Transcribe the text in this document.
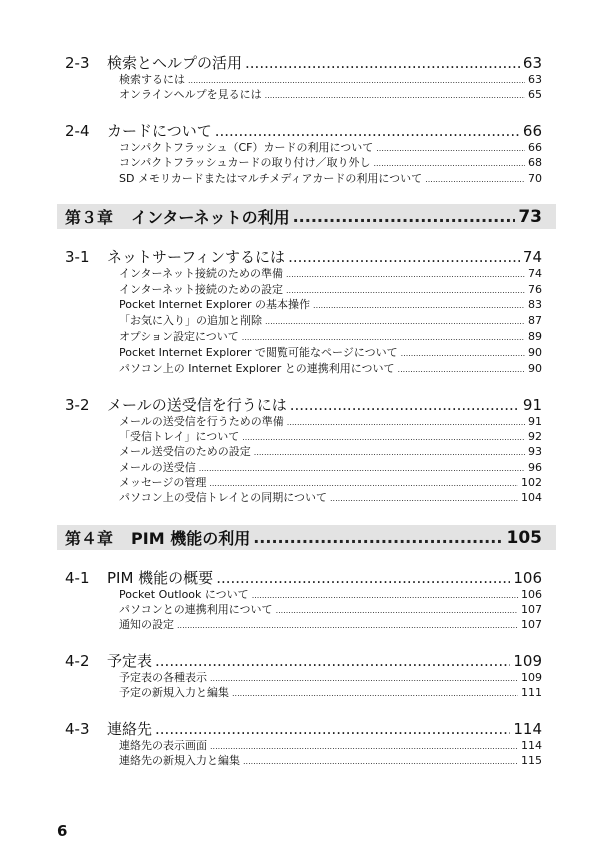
2-3 検索とヘルプの活用 .....	63
検索するには .....	63
オンラインヘルプを見るには .....	65
2-4 カードについて .....	66
コンパクトフラッシュ（CF）カードの利用について .....	66
コンパクトフラッシュカードの取り付け／取り外し .....	68
SD メモリカードまたはマルチメディアカードの利用について .....	70
第３章 インターネットの利用 .....	73
3-1 ネットサーフィンするには .....	74
インターネット接続のための準備 .....	74
インターネット接続のための設定 .....	76
Pocket Internet Explorer の基本操作 .....	83
「お気に入り」の追加と削除 .....	87
オプション設定について .....	89
Pocket Internet Explorer で閲覧可能なページについて .....	90
パソコン上の Internet Explorer との連携利用について .....	90
3-2 メールの送受信を行うには .....	91
メールの送受信を行うための準備 .....	91
「受信トレイ」について .....	92
メール送受信のための設定 .....	93
メールの送受信 .....	96
メッセージの管理 .....	102
パソコン上の受信トレイとの同期について .....	104
第４章 PIM 機能の利用 .....	105
4-1 PIM 機能の概要 .....	106
Pocket Outlook について .....	106
パソコンとの連携利用について .....	107
通知の設定 .....	107
4-2 予定表 .....	109
予定表の各種表示 .....	109
予定の新規入力と編集 .....	111
4-3 連絡先 .....	114
連絡先の表示画面 .....	114
連絡先の新規入力と編集 .....	115
6
